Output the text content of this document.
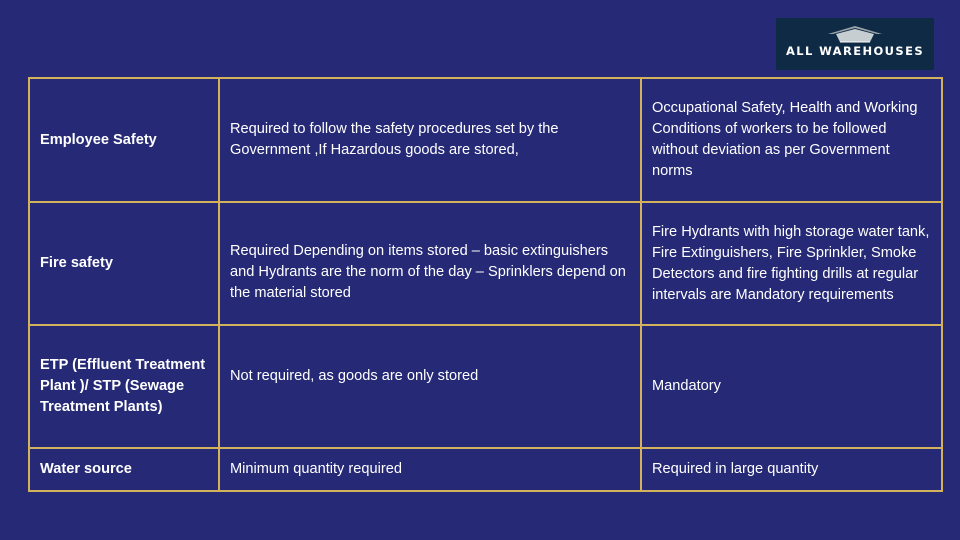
ALL WAREHOUSES
Employee Safety	Required to follow the safety procedures set by the Government ,If Hazardous goods are stored,	Occupational Safety, Health and Working Conditions of workers to be followed without deviation as per Government norms
Fire safety	Required Depending on items stored – basic extinguishers and Hydrants are the norm of the day – Sprinklers depend on the material stored	Fire Hydrants with high storage water tank, Fire Extinguishers, Fire Sprinkler, Smoke Detectors and fire fighting drills at regular intervals are Mandatory requirements
ETP (Effluent Treatment Plant )/ STP (Sewage Treatment Plants)	Not required, as goods are only stored	Mandatory
Water source	Minimum quantity required	Required in large quantity
